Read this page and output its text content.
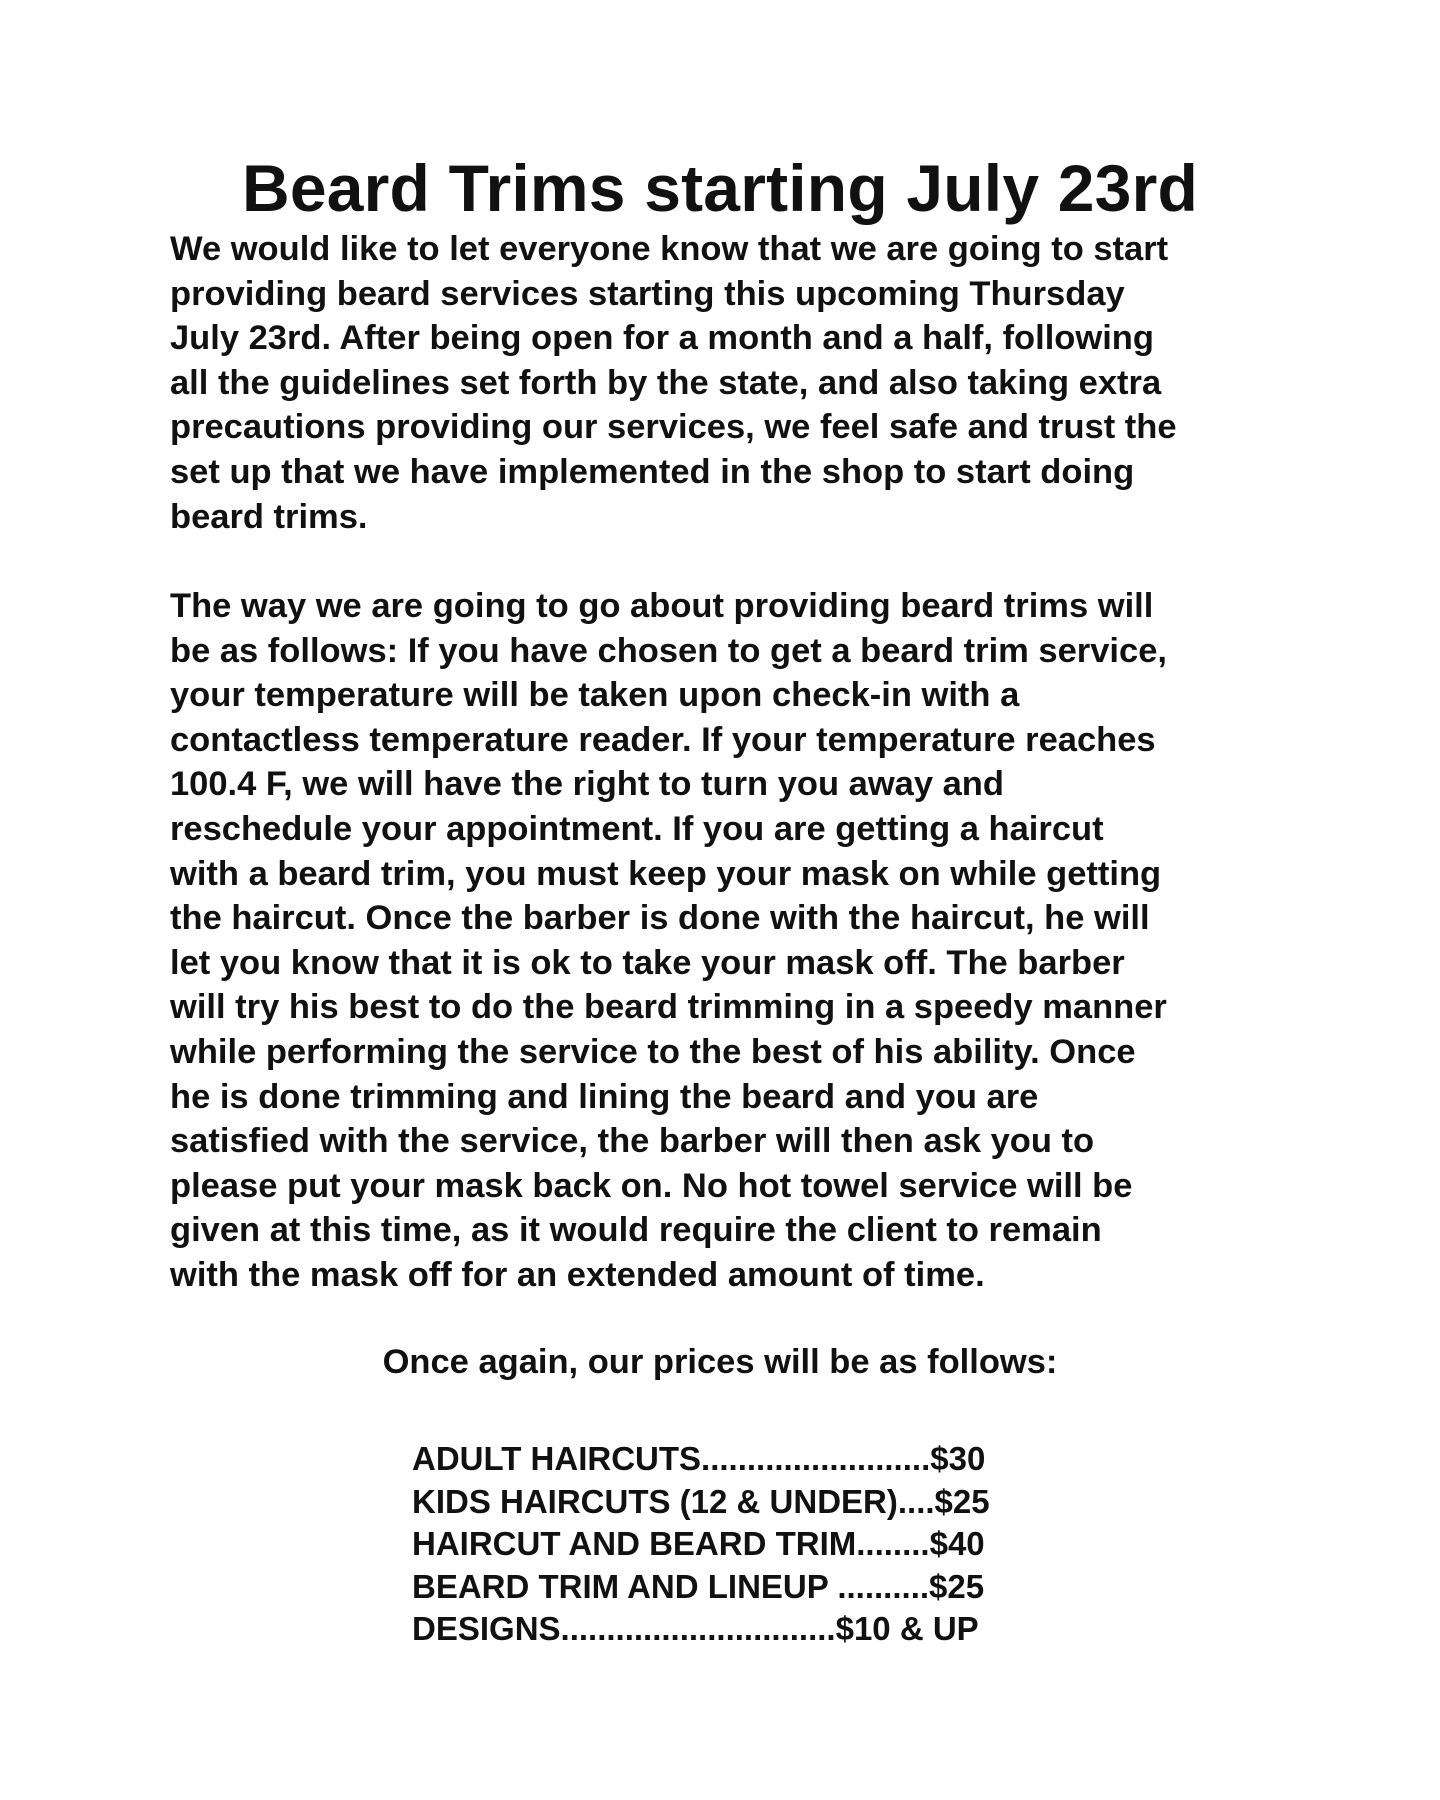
Beard Trims starting July 23rd

We would like to let everyone know that we are going to start
providing beard services starting this upcoming Thursday
July 23rd. After being open for a month and a half, following
all the guidelines set forth by the state, and also taking extra
precautions providing our services, we feel safe and trust the
set up that we have implemented in the shop to start doing
beard trims.

The way we are going to go about providing beard trims will
be as follows: If you have chosen to get a beard trim service,
your temperature will be taken upon check-in with a
contactless temperature reader. If your temperature reaches
100.4 F, we will have the right to turn you away and
reschedule your appointment. If you are getting a haircut
with a beard trim, you must keep your mask on while getting
the haircut. Once the barber is done with the haircut, he will
let you know that it is ok to take your mask off. The barber
will try his best to do the beard trimming in a speedy manner
while performing the service to the best of his ability. Once
he is done trimming and lining the beard and you are
satisfied with the service, the barber will then ask you to
please put your mask back on. No hot towel service will be
given at this time, as it would require the client to remain
with the mask off for an extended amount of time.

Once again, our prices will be as follows:

ADULT HAIRCUTS.........................$30
KIDS HAIRCUTS (12 & UNDER)....$25
HAIRCUT AND BEARD TRIM........$40
BEARD TRIM AND LINEUP ..........$25
DESIGNS..............................$10 & UP
